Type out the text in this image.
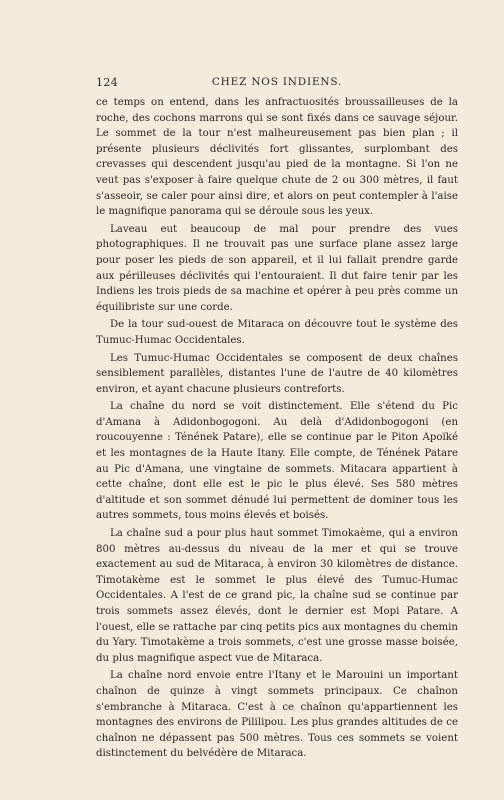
124	CHEZ NOS INDIENS.

ce temps on entend, dans les anfractuosités broussailleuses de la roche, des cochons marrons qui se sont fixés dans ce sauvage séjour. Le sommet de la tour n'est malheureusement pas bien plan ; il présente plusieurs déclivités fort glissantes, surplombant des crevasses qui descendent jusqu'au pied de la montagne. Si l'on ne veut pas s'exposer à faire quelque chute de 2 ou 300 mètres, il faut s'asseoir, se caler pour ainsi dire, et alors on peut contempler à l'aise le magnifique panorama qui se déroule sous les yeux.

Laveau eut beaucoup de mal pour prendre des vues photographiques. Il ne trouvait pas une surface plane assez large pour poser les pieds de son appareil, et il lui fallait prendre garde aux périlleuses déclivités qui l'entouraient. Il dut faire tenir par les Indiens les trois pieds de sa machine et opérer à peu près comme un équilibriste sur une corde.

De la tour sud-ouest de Mitaraca on découvre tout le système des Tumuc-Humac Occidentales.

Les Tumuc-Humac Occidentales se composent de deux chaînes sensiblement parallèles, distantes l'une de l'autre de 40 kilomètres environ, et ayant chacune plusieurs contreforts.

La chaîne du nord se voit distinctement. Elle s'étend du Pic d'Amana à Adidonbogogoni. Au delà d'Adidonbogogoni (en roucouyenne : Ténének Patare), elle se continue par le Piton Apoïké et les montagnes de la Haute Itany. Elle compte, de Ténének Patare au Pic d'Amana, une vingtaine de sommets. Mitacara appartient à cette chaîne, dont elle est le pic le plus élevé. Ses 580 mètres d'altitude et son sommet dénudé lui permettent de dominer tous les autres sommets, tous moins élevés et boisés.

La chaîne sud a pour plus haut sommet Timokaème, qui a environ 800 mètres au-dessus du niveau de la mer et qui se trouve exactement au sud de Mitaraca, à environ 30 kilomètres de distance. Timotakème est le sommet le plus élevé des Tumuc-Humac Occidentales. A l'est de ce grand pic, la chaîne sud se continue par trois sommets assez élevés, dont le dernier est Mopi Patare. A l'ouest, elle se rattache par cinq petits pics aux montagnes du chemin du Yary. Timotakème a trois sommets, c'est une grosse masse boisée, du plus magnifique aspect vue de Mitaraca.

La chaîne nord envoie entre l'Itany et le Marouini un important chaînon de quinze à vingt sommets principaux. Ce chaînon s'embranche à Mitaraca. C'est à ce chaînon qu'appartiennent les montagnes des environs de Pililipou. Les plus grandes altitudes de ce chaînon ne dépassent pas 500 mètres. Tous ces sommets se voient distinctement du belvédère de Mitaraca.
